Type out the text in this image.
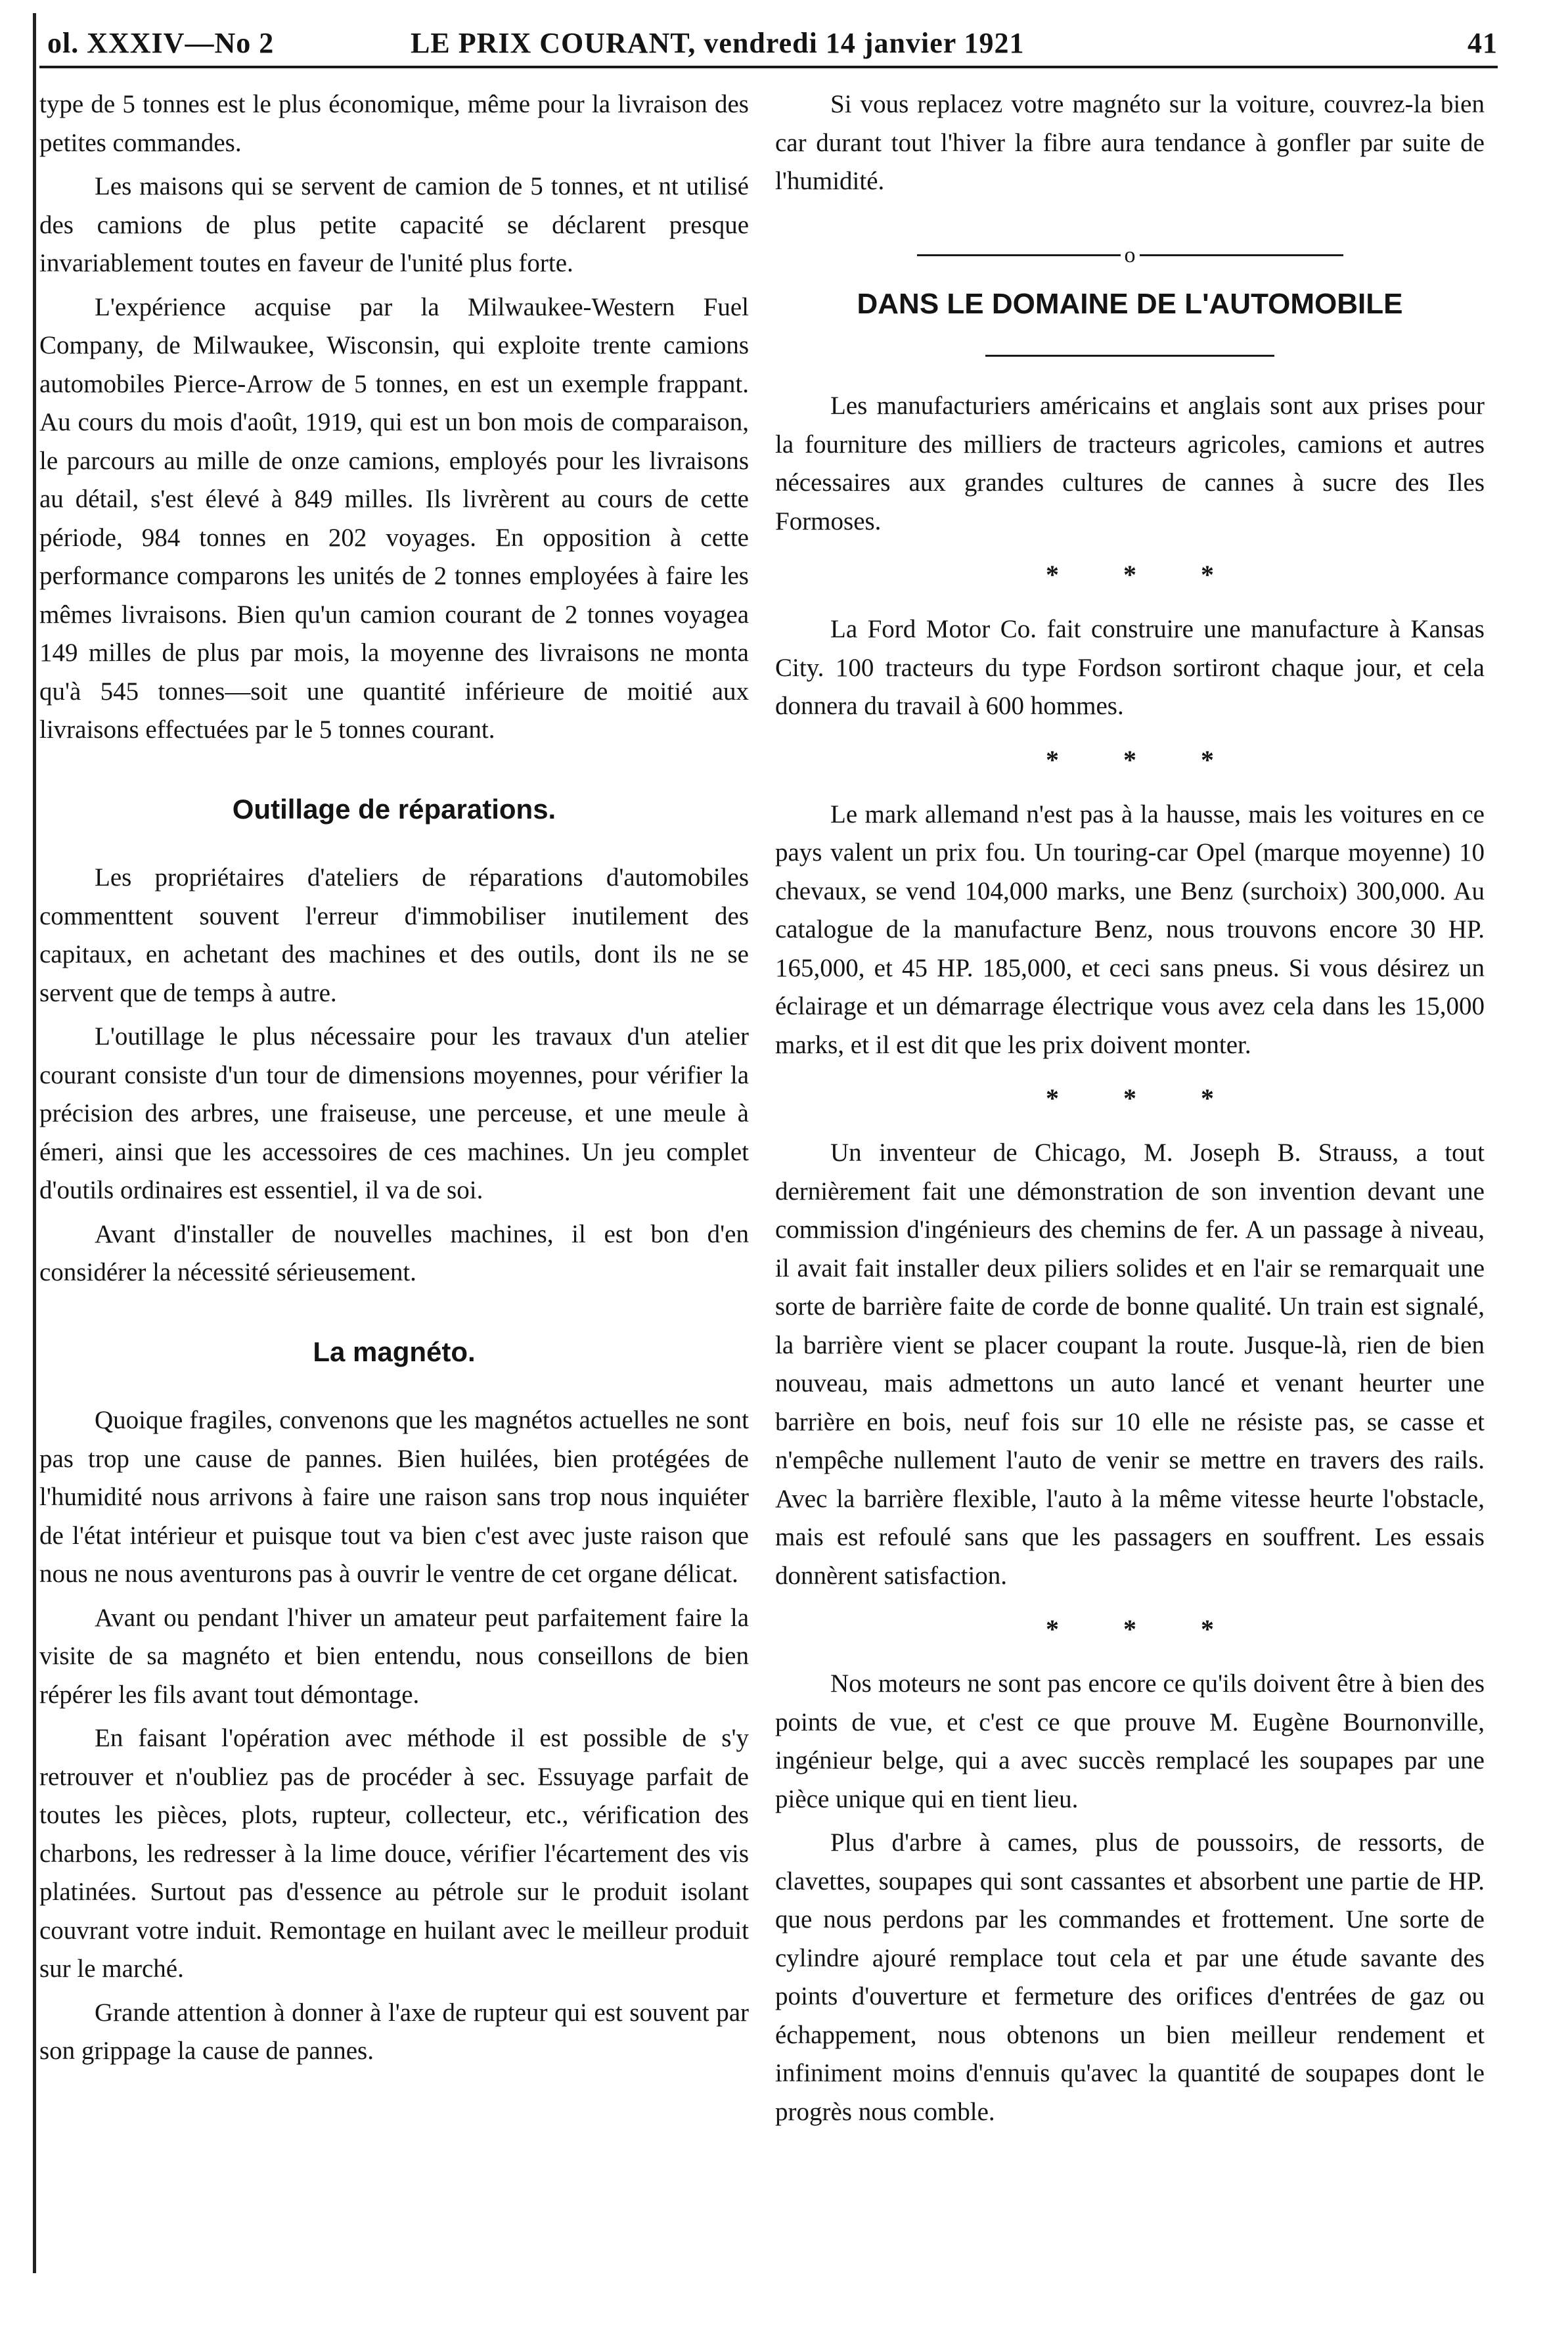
ol. XXXIV—No 2	LE PRIX COURANT, vendredi 14 janvier 1921	41

type de 5 tonnes est le plus économique, même pour la livraison des petites commandes.

Les maisons qui se servent de camion de 5 tonnes, et nt utilisé des camions de plus petite capacité se déclarent presque invariablement toutes en faveur de l'unité plus forte.

L'expérience acquise par la Milwaukee-Western Fuel Company, de Milwaukee, Wisconsin, qui exploite trente camions automobiles Pierce-Arrow de 5 tonnes, en est un exemple frappant. Au cours du mois d'août, 1919, qui est un bon mois de comparaison, le parcours au mille de onze camions, employés pour les livraisons au détail, s'est élevé à 849 milles. Ils livrèrent au cours de cette période, 984 tonnes en 202 voyages. En opposition à cette performance comparons les unités de 2 tonnes employées à faire les mêmes livraisons. Bien qu'un camion courant de 2 tonnes voyagea 149 milles de plus par mois, la moyenne des livraisons ne monta qu'à 545 tonnes—soit une quantité inférieure de moitié aux livraisons effectuées par le 5 tonnes courant.

Outillage de réparations.

Les propriétaires d'ateliers de réparations d'automobiles commenttent souvent l'erreur d'immobiliser inutilement des capitaux, en achetant des machines et des outils, dont ils ne se servent que de temps à autre.

L'outillage le plus nécessaire pour les travaux d'un atelier courant consiste d'un tour de dimensions moyennes, pour vérifier la précision des arbres, une fraiseuse, une perceuse, et une meule à émeri, ainsi que les accessoires de ces machines. Un jeu complet d'outils ordinaires est essentiel, il va de soi.

Avant d'installer de nouvelles machines, il est bon d'en considérer la nécessité sérieusement.

La magnéto.

Quoique fragiles, convenons que les magnétos actuelles ne sont pas trop une cause de pannes. Bien huilées, bien protégées de l'humidité nous arrivons à faire une raison sans trop nous inquiéter de l'état intérieur et puisque tout va bien c'est avec juste raison que nous ne nous aventurons pas à ouvrir le ventre de cet organe délicat.

Avant ou pendant l'hiver un amateur peut parfaitement faire la visite de sa magnéto et bien entendu, nous conseillons de bien répérer les fils avant tout démontage.

En faisant l'opération avec méthode il est possible de s'y retrouver et n'oubliez pas de procéder à sec. Essuyage parfait de toutes les pièces, plots, rupteur, collecteur, etc., vérification des charbons, les redresser à la lime douce, vérifier l'écartement des vis platinées. Surtout pas d'essence au pétrole sur le produit isolant couvrant votre induit. Remontage en huilant avec le meilleur produit sur le marché.

Grande attention à donner à l'axe de rupteur qui est souvent par son grippage la cause de pannes.

Si vous replacez votre magnéto sur la voiture, couvrez-la bien car durant tout l'hiver la fibre aura tendance à gonfler par suite de l'humidité.

o
DANS LE DOMAINE DE L'AUTOMOBILE

Les manufacturiers américains et anglais sont aux prises pour la fourniture des milliers de tracteurs agricoles, camions et autres nécessaires aux grandes cultures de cannes à sucre des Iles Formoses.

* * *

La Ford Motor Co. fait construire une manufacture à Kansas City. 100 tracteurs du type Fordson sortiront chaque jour, et cela donnera du travail à 600 hommes.

* * *

Le mark allemand n'est pas à la hausse, mais les voitures en ce pays valent un prix fou. Un touring-car Opel (marque moyenne) 10 chevaux, se vend 104,000 marks, une Benz (surchoix) 300,000. Au catalogue de la manufacture Benz, nous trouvons encore 30 HP. 165,000, et 45 HP. 185,000, et ceci sans pneus. Si vous désirez un éclairage et un démarrage électrique vous avez cela dans les 15,000 marks, et il est dit que les prix doivent monter.

* * *

Un inventeur de Chicago, M. Joseph B. Strauss, a tout dernièrement fait une démonstration de son invention devant une commission d'ingénieurs des chemins de fer. A un passage à niveau, il avait fait installer deux piliers solides et en l'air se remarquait une sorte de barrière faite de corde de bonne qualité. Un train est signalé, la barrière vient se placer coupant la route. Jusque-là, rien de bien nouveau, mais admettons un auto lancé et venant heurter une barrière en bois, neuf fois sur 10 elle ne résiste pas, se casse et n'empêche nullement l'auto de venir se mettre en travers des rails. Avec la barrière flexible, l'auto à la même vitesse heurte l'obstacle, mais est refoulé sans que les passagers en souffrent. Les essais donnèrent satisfaction.

* * *

Nos moteurs ne sont pas encore ce qu'ils doivent être à bien des points de vue, et c'est ce que prouve M. Eugène Bournonville, ingénieur belge, qui a avec succès remplacé les soupapes par une pièce unique qui en tient lieu.

Plus d'arbre à cames, plus de poussoirs, de ressorts, de clavettes, soupapes qui sont cassantes et absorbent une partie de HP. que nous perdons par les commandes et frottement. Une sorte de cylindre ajouré remplace tout cela et par une étude savante des points d'ouverture et fermeture des orifices d'entrées de gaz ou échappement, nous obtenons un bien meilleur rendement et infiniment moins d'ennuis qu'avec la quantité de soupapes dont le progrès nous comble.
